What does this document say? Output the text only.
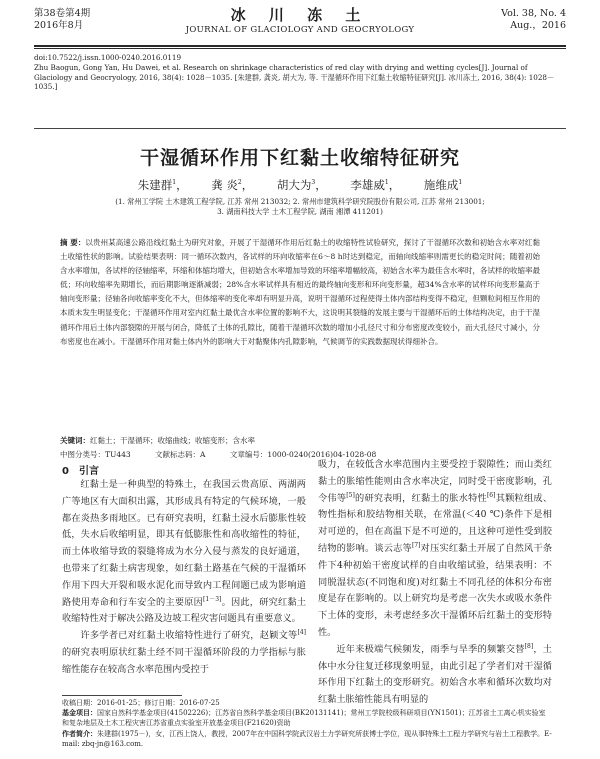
第38卷第4期
2016年8月
冰 川 冻 土
JOURNAL OF GLACIOLOGY AND GEOCRYOLOGY
Vol. 38, No. 4
Aug.，2016
doi:10.7522/j.issn.1000-0240.2016.0119
Zhu Baogun, Gong Yan, Hu Dawei, et al. Research on shrinkage characteristics of red clay with drying and wetting cycles[J]. Journal of Glaciology and Geocryology, 2016, 38(4): 1028－1035. [朱建群, 龚炎, 胡大为, 等. 干湿循环作用下红黏土收缩特征研究[J]. 冰川冻土, 2016, 38(4): 1028－1035.]
干湿循环作用下红黏土收缩特征研究
朱建群$^1$， 龚 炎$^2$， 胡大为$^3$， 李雄威$^1$， 施维成$^1$
(1. 常州工学院 土木建筑工程学院, 江苏 常州 213032; 2. 常州市建筑科学研究院股份有限公司, 江苏 常州 213001;
3. 湖南科技大学 土木工程学院, 湖南 湘潭 411201)
摘 要：以贵州某高速公路沿线红黏土为研究对象，开展了干湿循环作用后红黏土的收缩特性试验研究，探讨了干湿循环次数和初始含水率对红黏土收缩性状的影响。试验结果表明：同一循环次数内，各试样的环向收缩率在6～8 h时达到稳定，而轴向线缩率则需更长的稳定时间；随着初始含水率增加，各试样的径轴缩率，环缩和体缩均增大，但初始含水率增加导致的环缩率增幅较高，初始含水率为最佳含水率时，各试样的收缩率最低；环向收缩率先期增长，而后期影响逐渐减弱；28%含水率试样具有相近的最终轴向变形和环向变形量，超34%含水率的试样环向变形量高于轴向变形量；径轴各向收缩率变化不大，但体缩率的变化率却有明显升高，说明干湿循环过程使得土体内部结构变得不稳定，但颗粒间相互作用的本质未发生明显变化；干湿循环作用对室内红黏土最优含水率位置的影响不大，这说明其裂缝的发展主要与干湿循环后的土体结构决定，由于干湿循环作用后土体内部裂隙的开展与闭合，降低了土体的孔隙比，随着干湿循环次数的增加小孔径尺寸和分布密度改变较小，而大孔径尺寸减小，分布密度也在减小。干湿循环作用对黏土体内外的影响大于对黏聚体内孔隙影响，气候调节的实践数据现状得细补合。
关键词：红黏土；干湿循环；收缩曲线；收缩变形；含水率
中图分类号：TU443	文献标志码：A	文章编号：1000-0240(2016)04-1028-08
0　引言

红黏土是一种典型的特殊土，在我国云贵高原、两湖两广等地区有大面积出露，其形成具有特定的气候环境，一般都在炎热多雨地区。已有研究表明，红黏土浸水后膨胀性较低，失水后收缩明显，即其有低膨胀性和高收缩性的特征，而土体收缩导致的裂缝将成为水分入侵与蒸发的良好通道，也带来了红黏土病害现象，如红黏土路基在气候的干湿循环作用下四大开裂和吸水泥化而导致内工程间题已成为影响道路使用寿命和行车安全的主要原因[1－3]。因此，研究红黏土收缩特性对于解决公路及边坡工程灾害问题具有重要意义。

许多学者已对红黏土收缩特性进行了研究，赵颖文等[4]的研究表明原状红黏土经不同干湿循环阶段的力学指标与胀缩性能存在较高含水率范围内受控于

吸力，在较低含水率范围内主要受控于裂隙性；而山类红黏土的胀缩性能则由含水率决定，同时受干密度影响，孔令伟等[5]的研究表明，红黏土的胀水特性[6]其颗粒组成、物性指标和胶结物相关联，在常温(＜40 ℃)条件下是相对可逆的，但在高温下是不可逆的，且这种可逆性受到胶结物的影响。谈云志等[7]对压实红黏土开展了自然风干条件下4种初始干密度试样的自由收缩试验，结果表明：不同脱湿状态(不同饱和度)对红黏土不同孔径的体积分布密度是存在影响的。以上研究均是考虑一次失水或吸水条件下土体的变形，未考虑经多次干湿循环后红黏土的变形特性。

近年来极端气候频发，雨季与旱季的频繁交替[8]，土体中水分往复迁移现象明显，由此引起了学者们对干湿循环作用下红黏土的变形研究。初始含水率和循环次数均对红黏土胀缩性能具有明显的

收稿日期：2016-01-25；修订日期：2016-07-25
基金项目：国家自然科学基金项目(41502226)；江苏省自然科学基金项目(BK20131141)；常州工学院校级科研项目(YN1501)；江苏省土工离心机实验室和复杂地层及土木工程灾害江苏省重点实验室开放基金项目(F21620)资助
作者简介：朱建群(1975－)，女，江西上饶人，教授，2007年在中国科学院武汉岩土力学研究所获博士学位，现从事特殊土工程力学研究与岩土工程教学。E-mail: zbq-jn@163.com.
